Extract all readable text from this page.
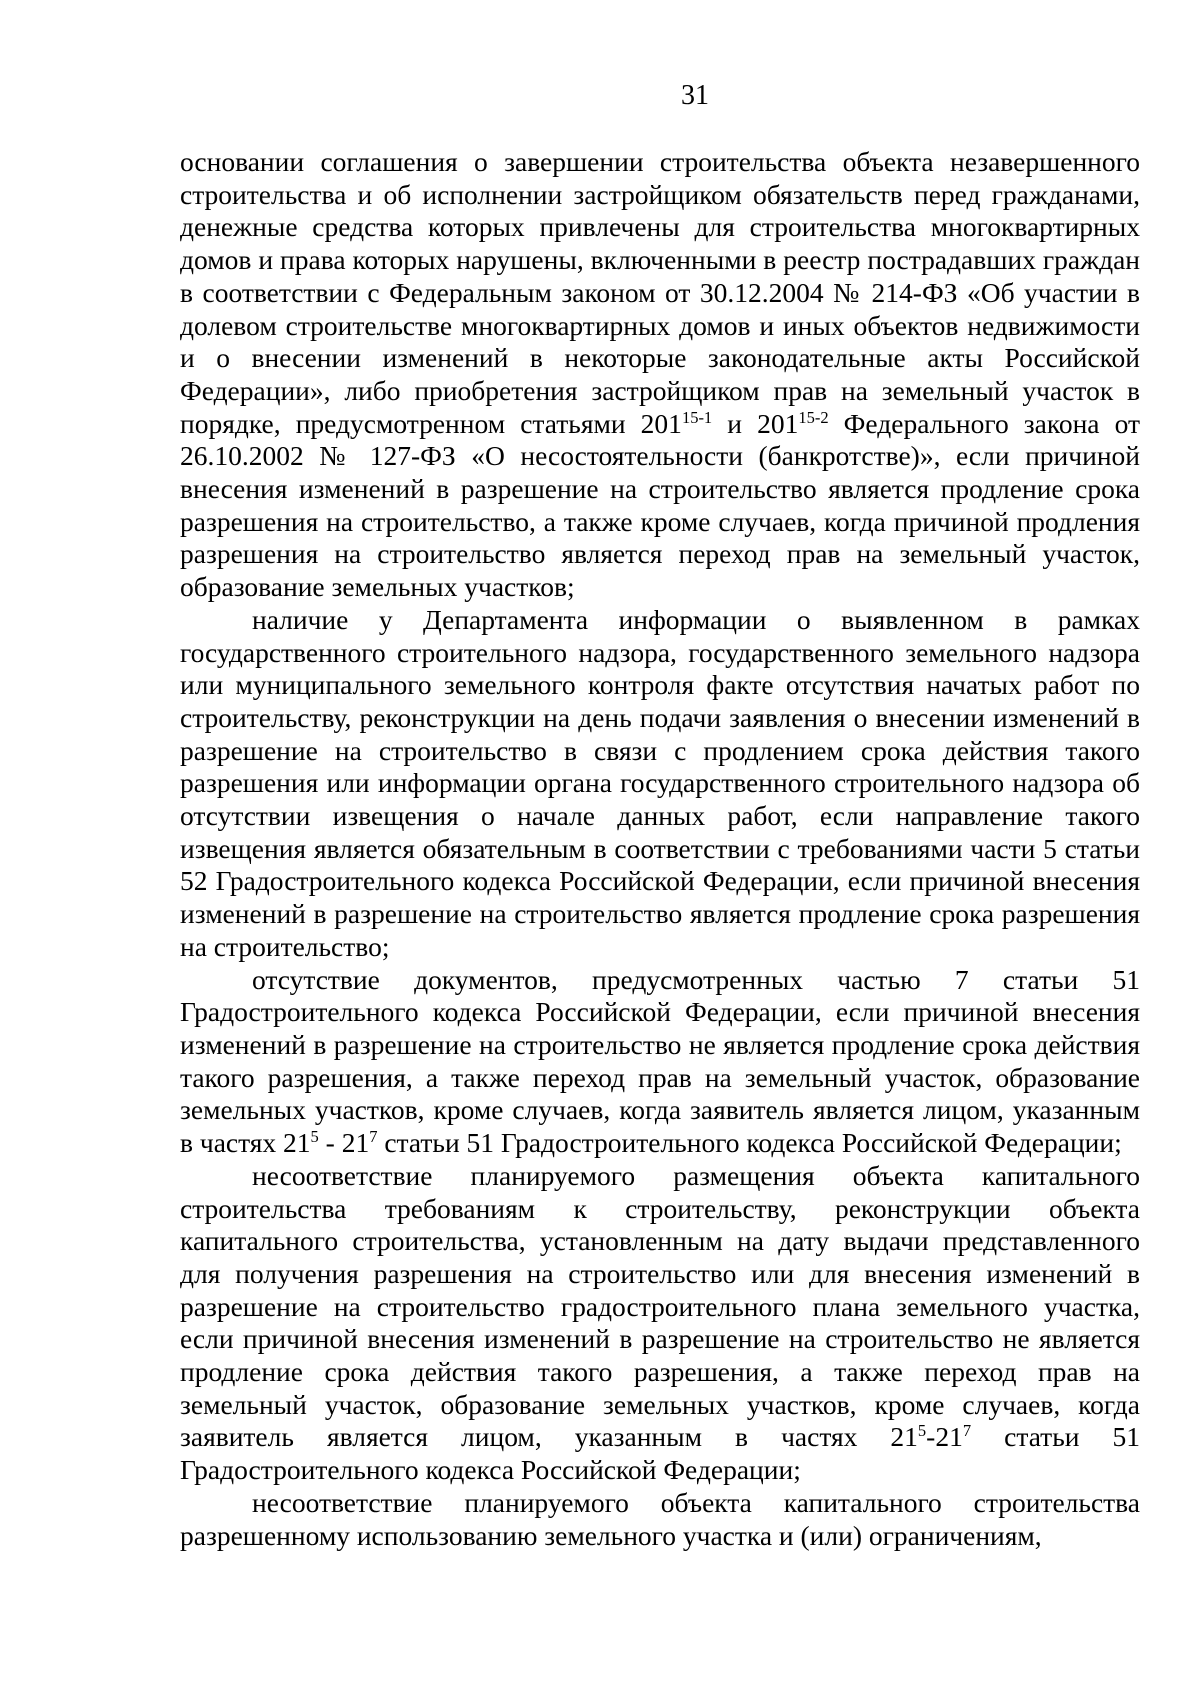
31

основании соглашения о завершении строительства объекта незавершенного строительства и об исполнении застройщиком обязательств перед гражданами, денежные средства которых привлечены для строительства многоквартирных домов и права которых нарушены, включенными в реестр пострадавших граждан в соответствии с Федеральным законом от 30.12.2004 № 214-ФЗ «Об участии в долевом строительстве многоквартирных домов и иных объектов недвижимости и о внесении изменений в некоторые законодательные акты Российской Федерации», либо приобретения застройщиком прав на земельный участок в порядке, предусмотренном статьями 201$^{15-1}$ и 201$^{15-2}$ Федерального закона от 26.10.2002 № 127-ФЗ «О несостоятельности (банкротстве)», если причиной внесения изменений в разрешение на строительство является продление срока разрешения на строительство, а также кроме случаев, когда причиной продления разрешения на строительство является переход прав на земельный участок, образование земельных участков;

наличие у Департамента информации о выявленном в рамках государственного строительного надзора, государственного земельного надзора или муниципального земельного контроля факте отсутствия начатых работ по строительству, реконструкции на день подачи заявления о внесении изменений в разрешение на строительство в связи с продлением срока действия такого разрешения или информации органа государственного строительного надзора об отсутствии извещения о начале данных работ, если направление такого извещения является обязательным в соответствии с требованиями части 5 статьи 52 Градостроительного кодекса Российской Федерации, если причиной внесения изменений в разрешение на строительство является продление срока разрешения на строительство;

отсутствие документов, предусмотренных частью 7 статьи 51 Градостроительного кодекса Российской Федерации, если причиной внесения изменений в разрешение на строительство не является продление срока действия такого разрешения, а также переход прав на земельный участок, образование земельных участков, кроме случаев, когда заявитель является лицом, указанным в частях $21^5 - 21^7$ статьи 51 Градостроительного кодекса Российской Федерации;

несоответствие планируемого размещения объекта капитального строительства требованиям к строительству, реконструкции объекта капитального строительства, установленным на дату выдачи представленного для получения разрешения на строительство или для внесения изменений в разрешение на строительство градостроительного плана земельного участка, если причиной внесения изменений в разрешение на строительство не является продление срока действия такого разрешения, а также переход прав на земельный участок, образование земельных участков, кроме случаев, когда заявитель является лицом, указанным в частях $21^5-21^7$ статьи 51 Градостроительного кодекса Российской Федерации;

несоответствие планируемого объекта капитального строительства разрешенному использованию земельного участка и (или) ограничениям,
